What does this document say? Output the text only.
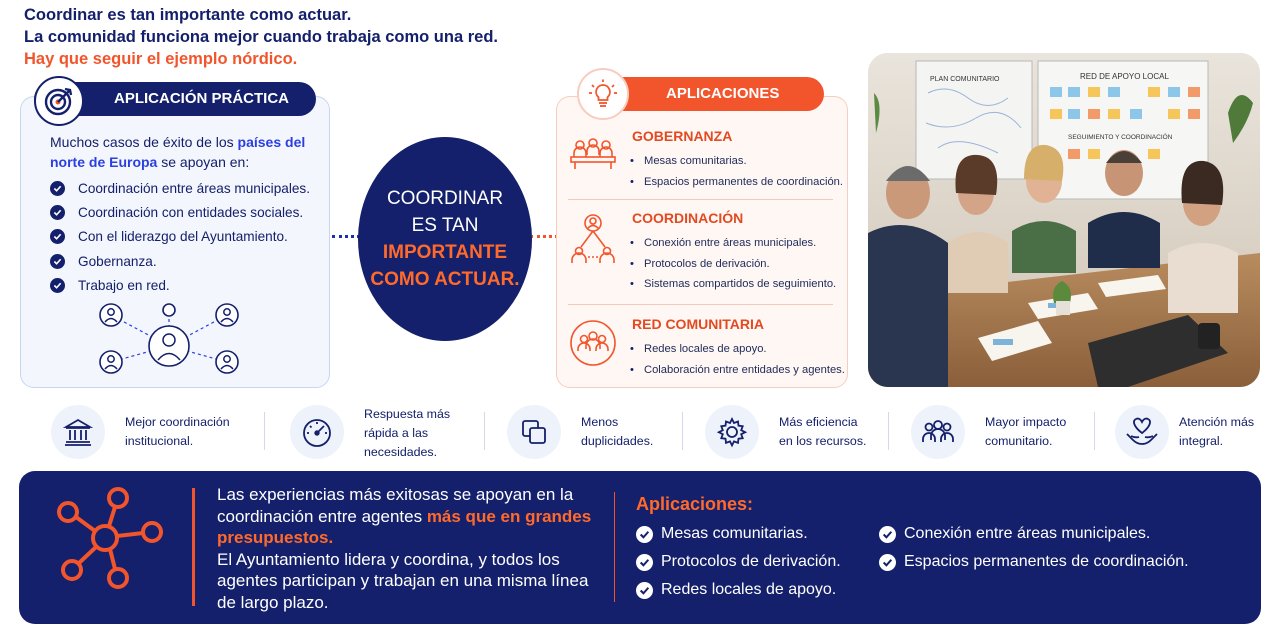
Coordinar es tan importante como actuar.
La comunidad funciona mejor cuando trabaja como una red.
Hay que seguir el ejemplo nórdico.
APLICACIÓN PRÁCTICA
Muchos casos de éxito de los países del norte de Europa se apoyan en:
Coordinación entre áreas municipales.
Coordinación con entidades sociales.
Con el liderazgo del Ayuntamiento.
Gobernanza.
Trabajo en red.
COORDINAR
ES TAN
IMPORTANTE
COMO ACTUAR.
APLICACIONES
GOBERNANZA
• Mesas comunitarias.
• Espacios permanentes de coordinación.
COORDINACIÓN
• Conexión entre áreas municipales.
• Protocolos de derivación.
• Sistemas compartidos de seguimiento.
RED COMUNITARIA
• Redes locales de apoyo.
• Colaboración entre entidades y agentes.
PLAN COMUNITARIO	RED DE APOYO LOCAL
SEGUIMIENTO Y COORDINACIÓN
Mejor coordinación
institucional.
Respuesta más
rápida a las
necesidades.
Menos
duplicidades.
Más eficiencia
en los recursos.
Mayor impacto
comunitario.
Atención más
integral.
Las experiencias más exitosas se apoyan en la coordinación entre agentes más que en grandes presupuestos.
El Ayuntamiento lidera y coordina, y todos los agentes participan y trabajan en una misma línea de largo plazo.
Aplicaciones:
Mesas comunitarias.
Protocolos de derivación.
Redes locales de apoyo.
Conexión entre áreas municipales.
Espacios permanentes de coordinación.
